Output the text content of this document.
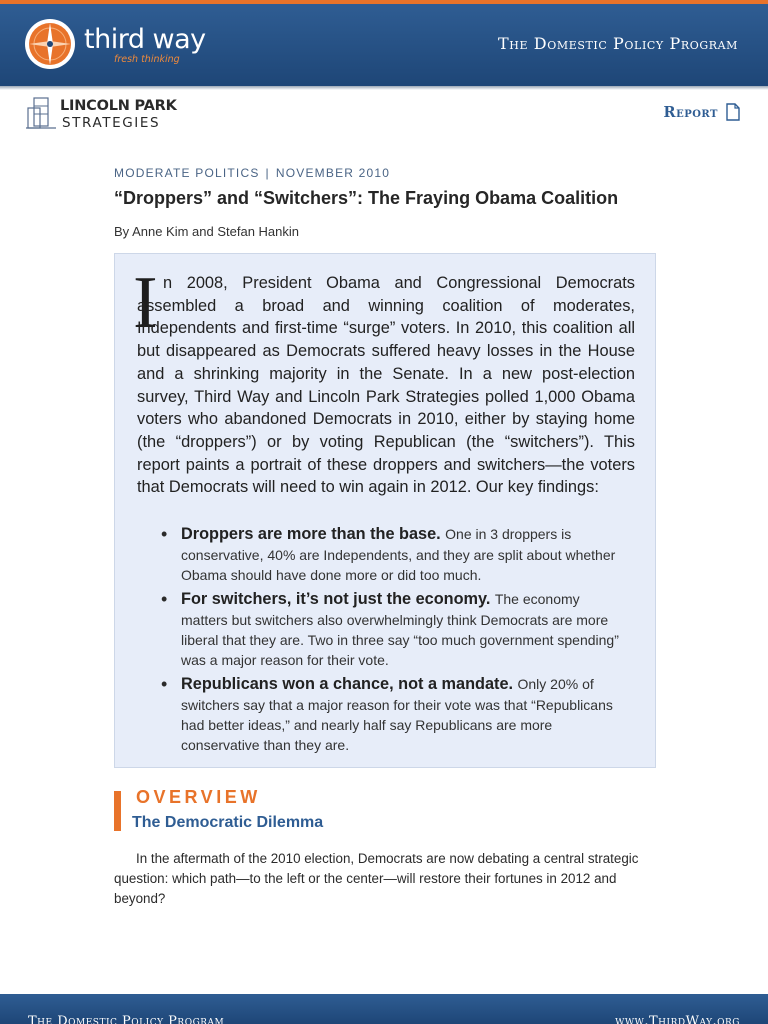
third way
fresh thinking
The Domestic Policy Program
LINCOLN PARK
STRATEGIES
Report
MODERATE POLITICS | NOVEMBER 2010
“Droppers” and “Switchers”: The Fraying Obama Coalition
By Anne Kim and Stefan Hankin
I n 2008, President Obama and Congressional Democrats assembled a broad and winning coalition of moderates, Independents and first-time “surge” voters. In 2010, this coalition all but disappeared as Democrats suffered heavy losses in the House and a shrinking majority in the Senate. In a new post-election survey, Third Way and Lincoln Park Strategies polled 1,000 Obama voters who abandoned Democrats in 2010, either by staying home (the “droppers”) or by voting Republican (the “switchers”). This report paints a portrait of these droppers and switchers—the voters that Democrats will need to win again in 2012. Our key findings:

• Droppers are more than the base. One in 3 droppers is conservative, 40% are Independents, and they are split about whether Obama should have done more or did too much.
• For switchers, it’s not just the economy. The economy matters but switchers also overwhelmingly think Democrats are more liberal that they are. Two in three say “too much government spending” was a major reason for their vote.
• Republicans won a chance, not a mandate. Only 20% of switchers say that a major reason for their vote was that “Republicans had better ideas,” and nearly half say Republicans are more conservative than they are.
OVERVIEW
The Democratic Dilemma

In the aftermath of the 2010 election, Democrats are now debating a central strategic question: which path—to the left or the center—will restore their fortunes in 2012 and beyond?

The Domestic Policy Program	www.ThirdWay.org
